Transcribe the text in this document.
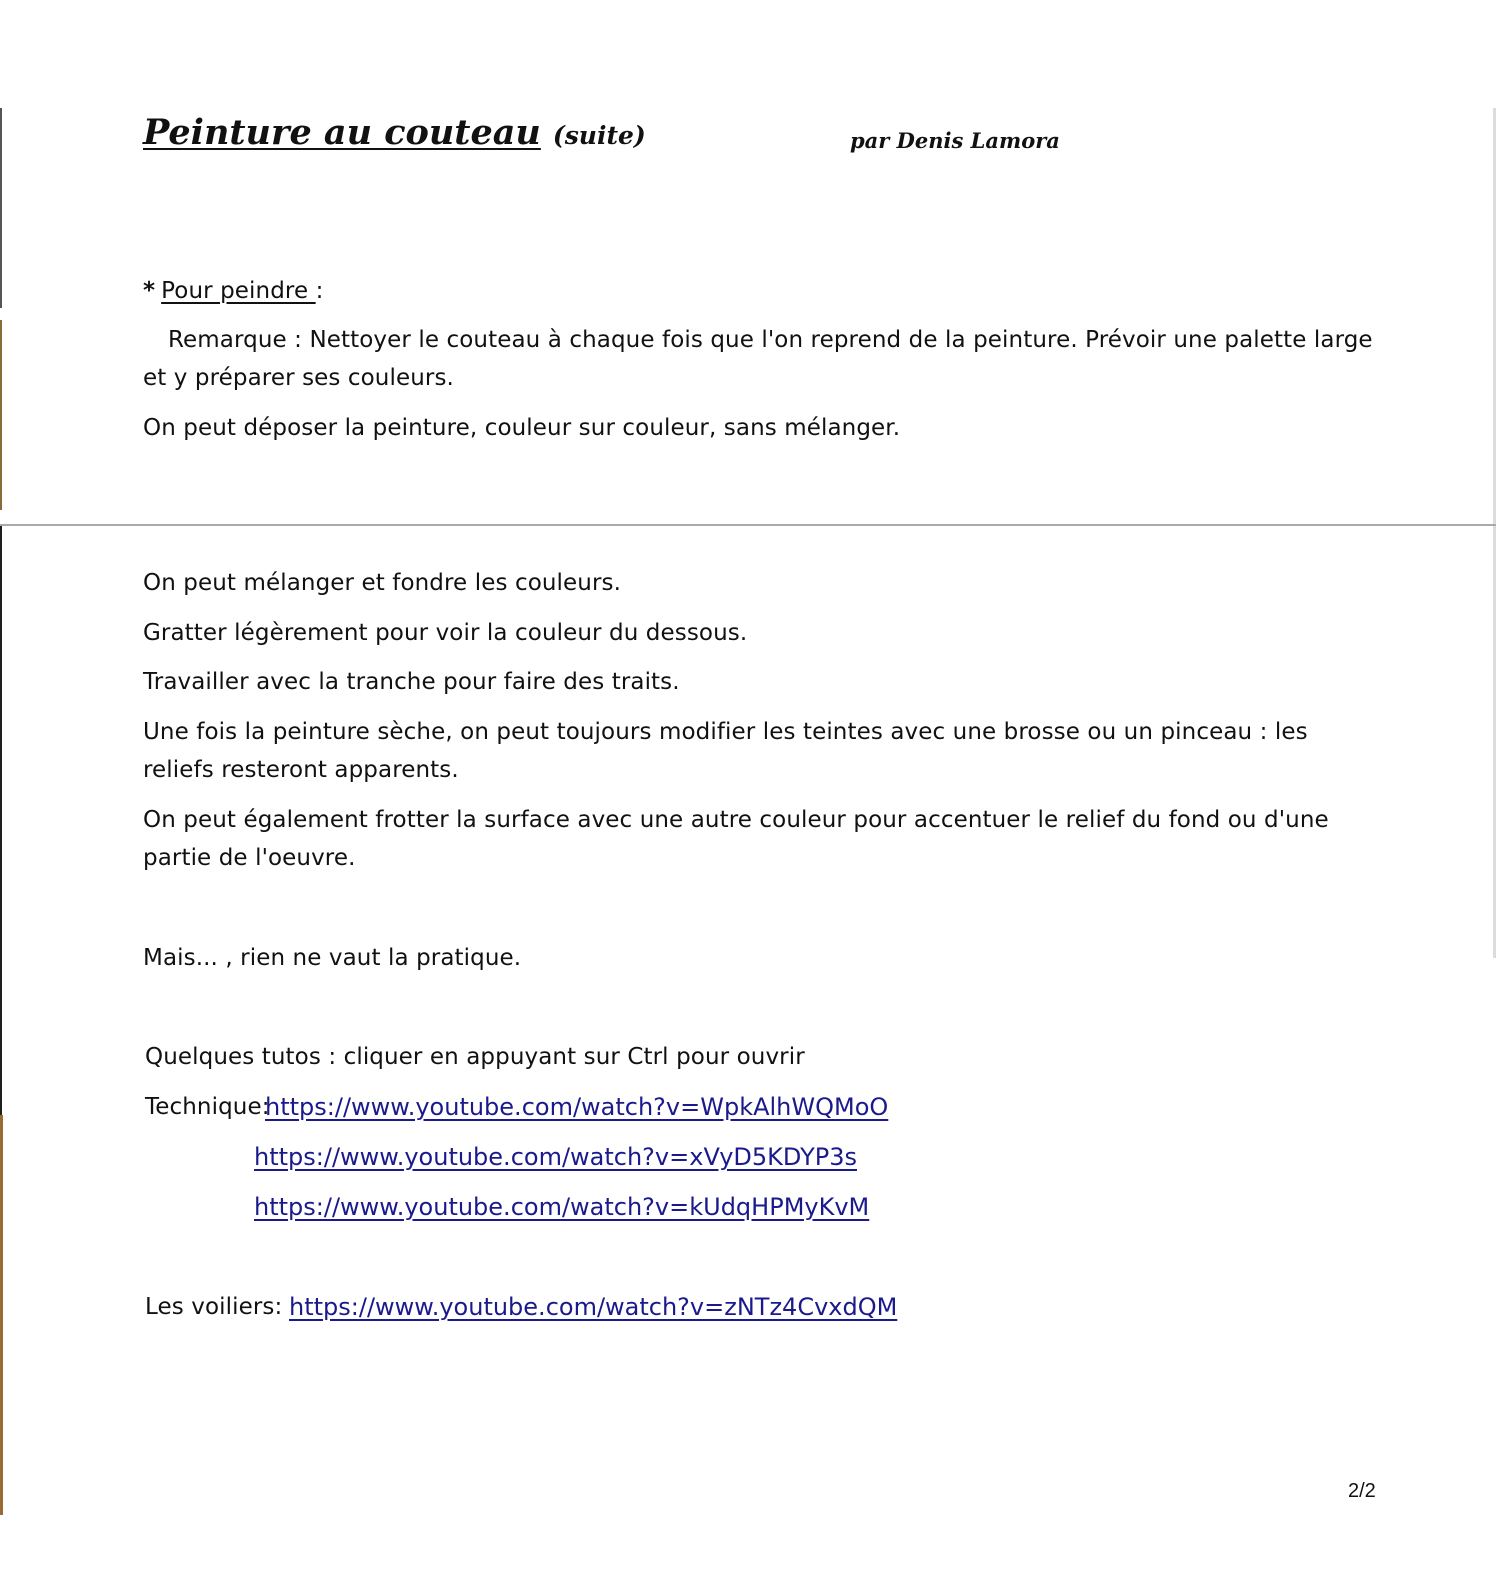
Peinture au couteau (suite)	par Denis Lamora
* Pour peindre :
Remarque : Nettoyer le couteau à chaque fois que l'on reprend de la peinture. Prévoir une palette large et y préparer ses couleurs.
On peut déposer la peinture, couleur sur couleur, sans mélanger.
On peut mélanger et fondre les couleurs.
Gratter légèrement pour voir la couleur du dessous.
Travailler avec la tranche pour faire des traits.
Une fois la peinture sèche, on peut toujours modifier les teintes avec une brosse ou un pinceau : les reliefs resteront apparents.
On peut également frotter la surface avec une autre couleur pour accentuer le relief du fond ou d'une partie de l'oeuvre.
Mais... , rien ne vaut la pratique.
Quelques tutos : cliquer en appuyant sur Ctrl pour ouvrir
Technique:
https://www.youtube.com/watch?v=WpkAlhWQMoO
https://www.youtube.com/watch?v=xVyD5KDYP3s
https://www.youtube.com/watch?v=kUdqHPMyKvM
Les voiliers: https://www.youtube.com/watch?v=zNTz4CvxdQM
2/2
